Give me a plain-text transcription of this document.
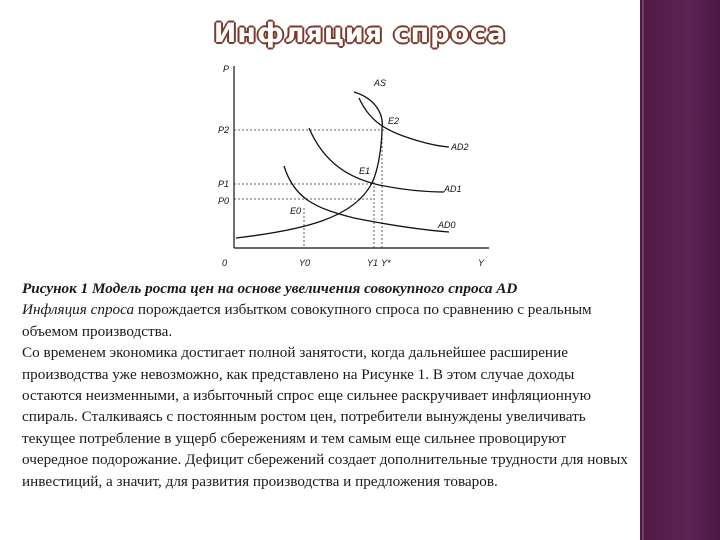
Инфляция спроса
P
P2
P1
P0
0	Y0	Y1 Y*	Y
AS
E2
AD2
E1
AD1
E0
AD0

Рисунок 1 Модель роста цен на основе увеличения совокупного спроса AD

Инфляция спроса порождается избытком совокупного спроса по сравнению с реальным объемом производства.

Со временем экономика достигает полной занятости, когда дальнейшее расширение производства уже невозможно, как представлено на Рисунке 1. В этом случае доходы остаются неизменными, а избыточный спрос еще сильнее раскручивает инфляционную спираль. Сталкиваясь с постоянным ростом цен, потребители вынуждены увеличивать текущее потребление в ущерб сбережениям и тем самым еще сильнее провоцируют очередное подорожание. Дефицит сбережений создает дополнительные трудности для новых инвестиций, а значит, для развития производства и предложения товаров.
